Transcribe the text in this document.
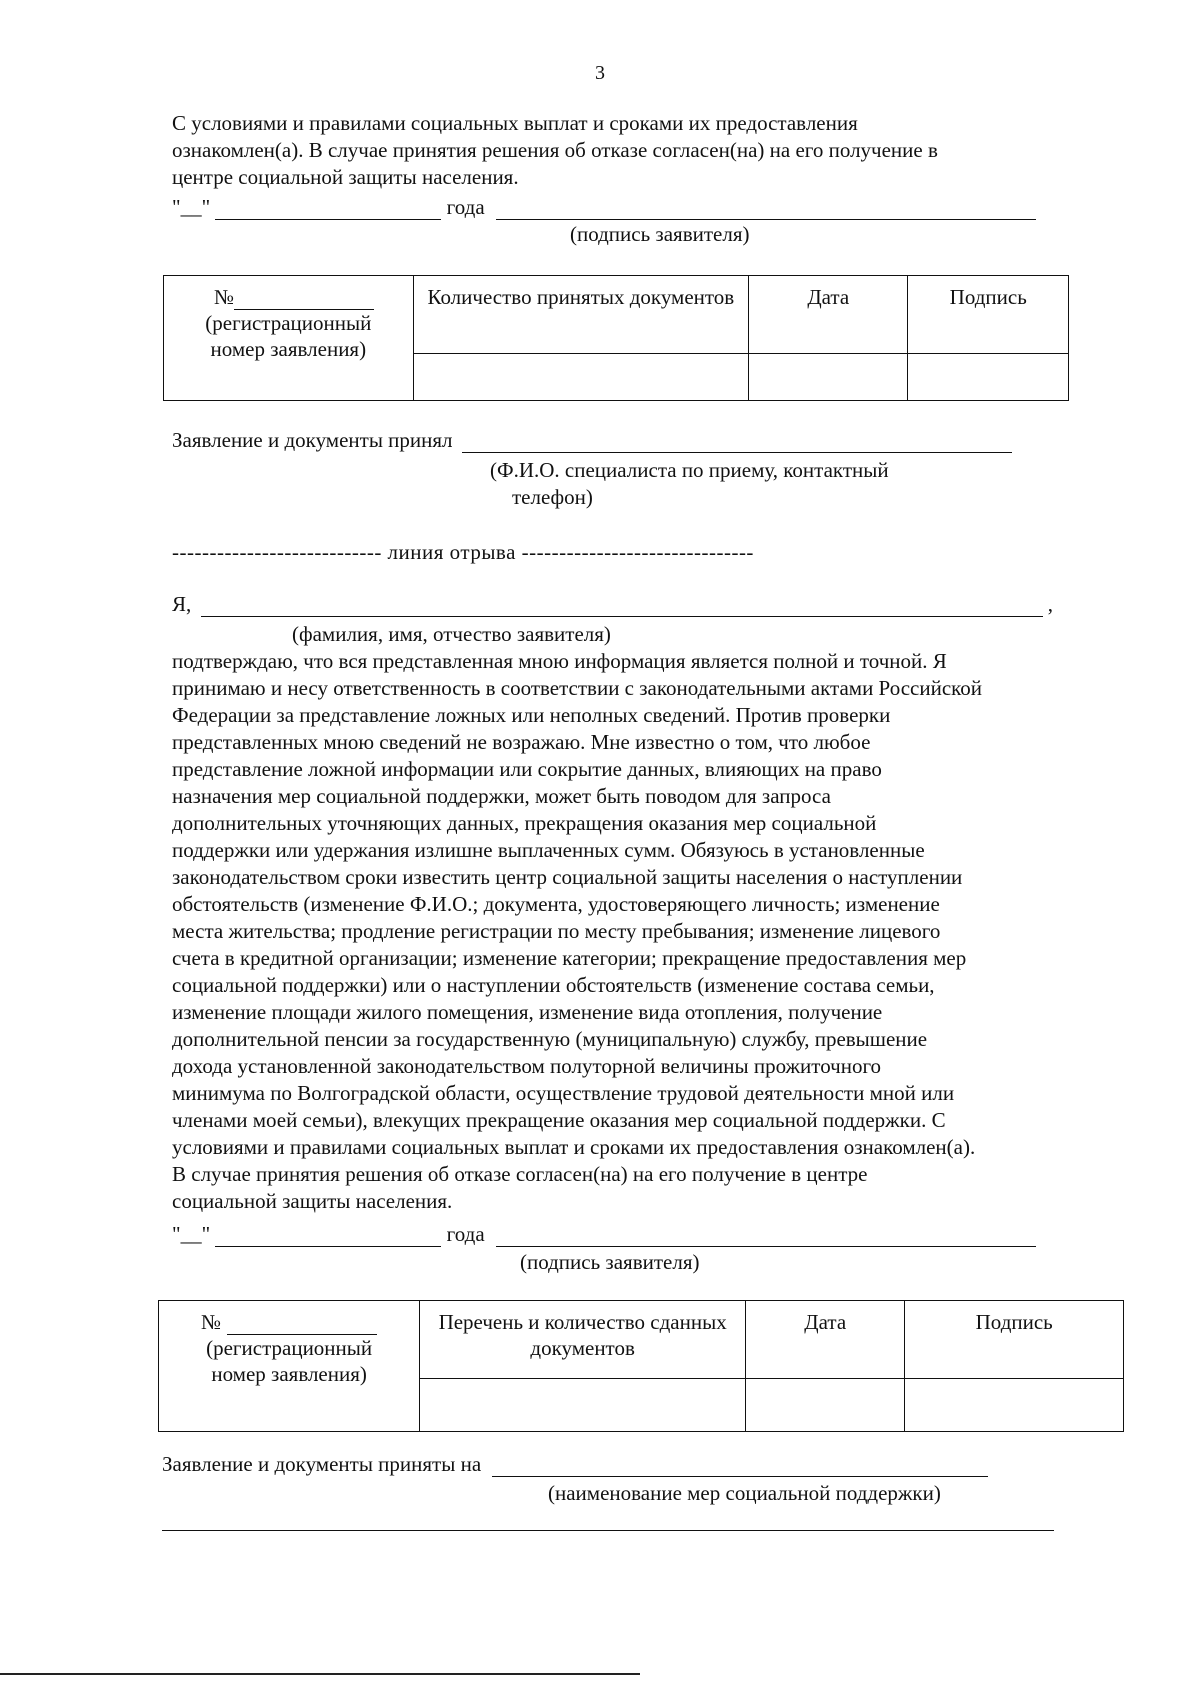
3
С условиями и правилами социальных выплат и сроками их предоставления
ознакомлен(а). В случае принятия решения об отказе согласен(на) на его получение в
центре социальной защиты населения.
"__"	года
(подпись заявителя)
№
(регистрационный номер заявления)	Количество принятых документов	Дата	Подпись

Заявление и документы принял
(Ф.И.О. специалиста по приему, контактный
телефон)
---------------------------- линия отрыва -------------------------------
Я,	,
(фамилия, имя, отчество заявителя)
подтверждаю, что вся представленная мною информация является полной и точной. Я
принимаю и несу ответственность в соответствии с законодательными актами Российской
Федерации за представление ложных или неполных сведений. Против проверки
представленных мною сведений не возражаю. Мне известно о том, что любое
представление ложной информации или сокрытие данных, влияющих на право
назначения мер социальной поддержки, может быть поводом для запроса
дополнительных уточняющих данных, прекращения оказания мер социальной
поддержки или удержания излишне выплаченных сумм. Обязуюсь в установленные
законодательством сроки известить центр социальной защиты населения о наступлении
обстоятельств (изменение Ф.И.О.; документа, удостоверяющего личность; изменение
места жительства; продление регистрации по месту пребывания; изменение лицевого
счета в кредитной организации; изменение категории; прекращение предоставления мер
социальной поддержки) или о наступлении обстоятельств (изменение состава семьи,
изменение площади жилого помещения, изменение вида отопления, получение
дополнительной пенсии за государственную (муниципальную) службу, превышение
дохода установленной законодательством полуторной величины прожиточного
минимума по Волгоградской области, осуществление трудовой деятельности мной или
членами моей семьи), влекущих прекращение оказания мер социальной поддержки. С
условиями и правилами социальных выплат и сроками их предоставления ознакомлен(а).
В случае принятия решения об отказе согласен(на) на его получение в центре
социальной защиты населения.
"__"	года
(подпись заявителя)
№
(регистрационный номер заявления)	Перечень и количество сданных документов	Дата	Подпись

Заявление и документы приняты на
(наименование мер социальной поддержки)
